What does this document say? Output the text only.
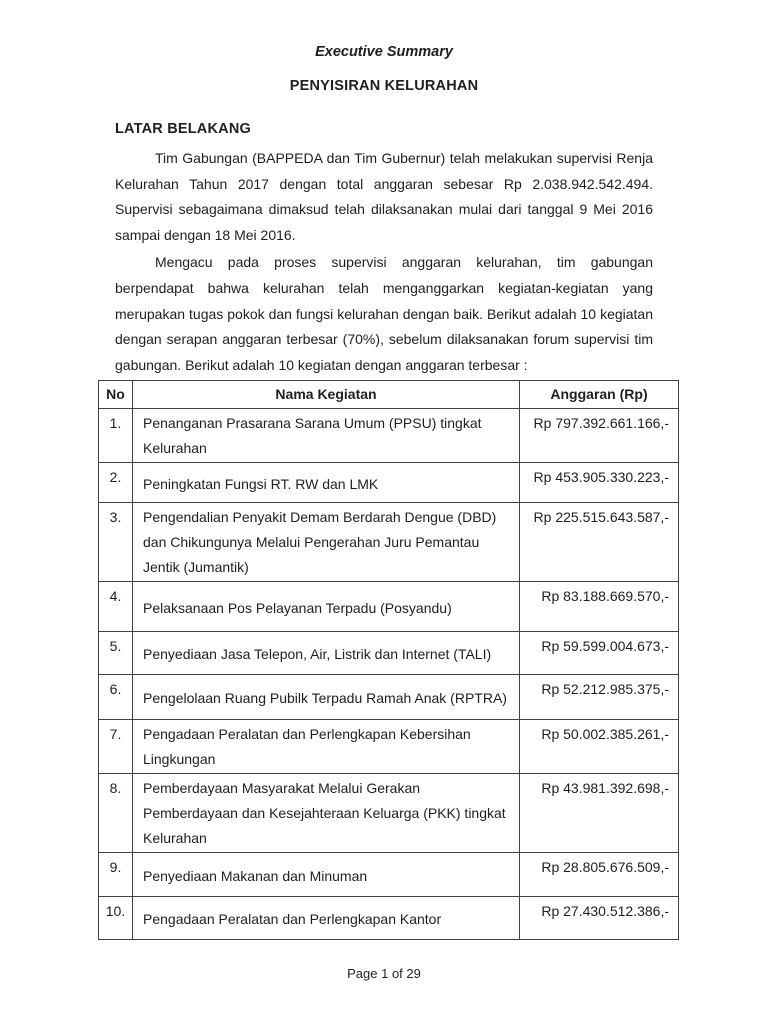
Executive Summary
PENYISIRAN KELURAHAN
LATAR BELAKANG

Tim Gabungan (BAPPEDA dan Tim Gubernur) telah melakukan supervisi Renja Kelurahan Tahun 2017 dengan total anggaran sebesar Rp 2.038.942.542.494. Supervisi sebagaimana dimaksud telah dilaksanakan mulai dari tanggal 9 Mei 2016 sampai dengan 18 Mei 2016.

Mengacu pada proses supervisi anggaran kelurahan, tim gabungan berpendapat bahwa kelurahan telah menganggarkan kegiatan-kegiatan yang merupakan tugas pokok dan fungsi kelurahan dengan baik. Berikut adalah 10 kegiatan dengan serapan anggaran terbesar (70%), sebelum dilaksanakan forum supervisi tim gabungan. Berikut adalah 10 kegiatan dengan anggaran terbesar :

No	Nama Kegiatan	Anggaran (Rp)
1.	Penanganan Prasarana Sarana Umum (PPSU) tingkat Kelurahan	Rp 797.392.661.166,-
2.	Peningkatan Fungsi RT. RW dan LMK	Rp 453.905.330.223,-
3.	Pengendalian Penyakit Demam Berdarah Dengue (DBD) dan Chikungunya Melalui Pengerahan Juru Pemantau Jentik (Jumantik)	Rp 225.515.643.587,-
4.	Pelaksanaan Pos Pelayanan Terpadu (Posyandu)	Rp 83.188.669.570,-
5.	Penyediaan Jasa Telepon, Air, Listrik dan Internet (TALI)	Rp 59.599.004.673,-
6.	Pengelolaan Ruang Pubilk Terpadu Ramah Anak (RPTRA)	Rp 52.212.985.375,-
7.	Pengadaan Peralatan dan Perlengkapan Kebersihan Lingkungan	Rp 50.002.385.261,-
8.	Pemberdayaan Masyarakat Melalui Gerakan Pemberdayaan dan Kesejahteraan Keluarga (PKK) tingkat Kelurahan	Rp 43.981.392.698,-
9.	Penyediaan Makanan dan Minuman	Rp 28.805.676.509,-
10.	Pengadaan Peralatan dan Perlengkapan Kantor	Rp 27.430.512.386,-
Page 1 of 29
